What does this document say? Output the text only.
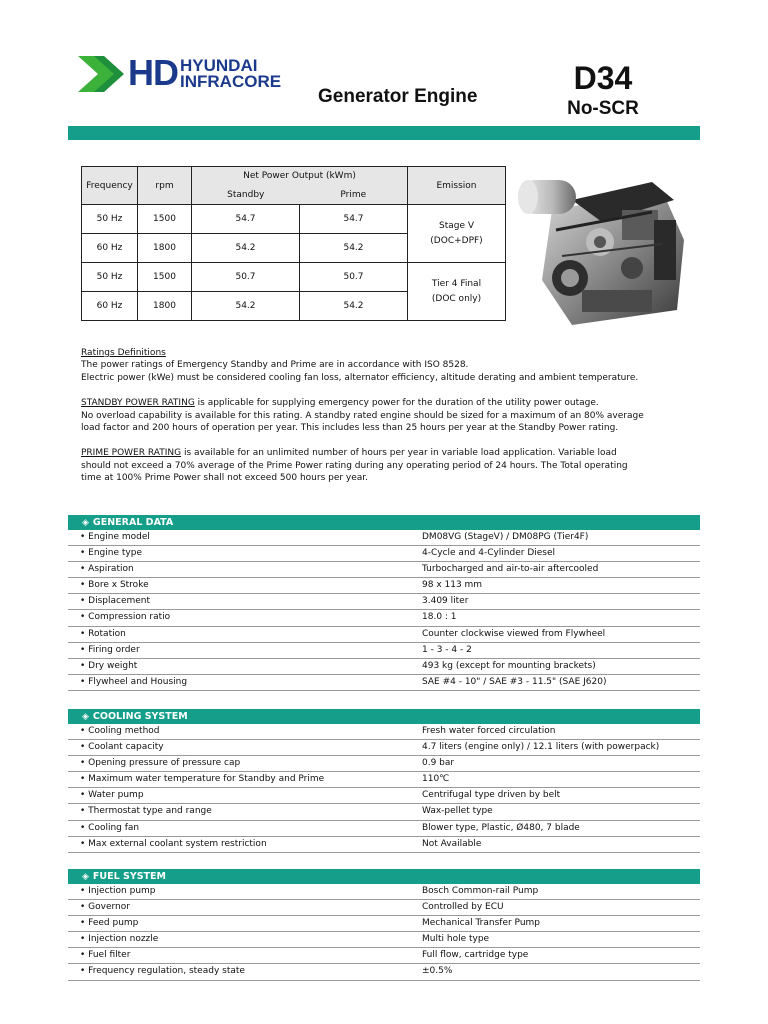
HD HYUNDAI
INFRACORE
Generator Engine
D34
No-SCR
Frequency	rpm	Net Power Output (kWm)		Emission
		Standby	Prime	
50 Hz	1500	54.7	54.7	Stage V
(DOC+DPF)

60 Hz	1800	54.2	54.2	
50 Hz	1500	50.7	50.7	Tier 4 Final
(DOC only)

60 Hz	1800	54.2	54.2	
Ratings Definitions
The power ratings of Emergency Standby and Prime are in accordance with ISO 8528.
Electric power (kWe) must be considered cooling fan loss, alternator efficiency, altitude derating and ambient temperature.
STANDBY POWER RATING is applicable for supplying emergency power for the duration of the utility power outage.
No overload capability is available for this rating. A standby rated engine should be sized for a maximum of an 80% average
load factor and 200 hours of operation per year. This includes less than 25 hours per year at the Standby Power rating.
PRIME POWER RATING is available for an unlimited number of hours per year in variable load application. Variable load
should not exceed a 70% average of the Prime Power rating during any operating period of 24 hours. The Total operating
time at 100% Prime Power shall not exceed 500 hours per year.
◈ GENERAL DATA
• Engine model	DM08VG (StageV) / DM08PG (Tier4F)
• Engine type	4-Cycle and 4-Cylinder Diesel
• Aspiration	Turbocharged and air-to-air aftercooled
• Bore x Stroke	98 x 113 mm
• Displacement	3.409 liter
• Compression ratio	18.0 : 1
• Rotation	Counter clockwise viewed from Flywheel
• Firing order	1 - 3 - 4 - 2
• Dry weight	493 kg (except for mounting brackets)
• Flywheel and Housing	SAE #4 - 10" / SAE #3 - 11.5" (SAE J620)
◈ COOLING SYSTEM
• Cooling method	Fresh water forced circulation
• Coolant capacity	4.7 liters (engine only) / 12.1 liters (with powerpack)
• Opening pressure of pressure cap	0.9 bar
• Maximum water temperature for Standby and Prime	110℃
• Water pump	Centrifugal type driven by belt
• Thermostat type and range	Wax-pellet type
• Cooling fan	Blower type, Plastic, Ø480, 7 blade
• Max external coolant system restriction	Not Available
◈ FUEL SYSTEM
• Injection pump	Bosch Common-rail Pump
• Governor	Controlled by ECU
• Feed pump	Mechanical Transfer Pump
• Injection nozzle	Multi hole type
• Fuel filter	Full flow, cartridge type
• Frequency regulation, steady state	±0.5%
